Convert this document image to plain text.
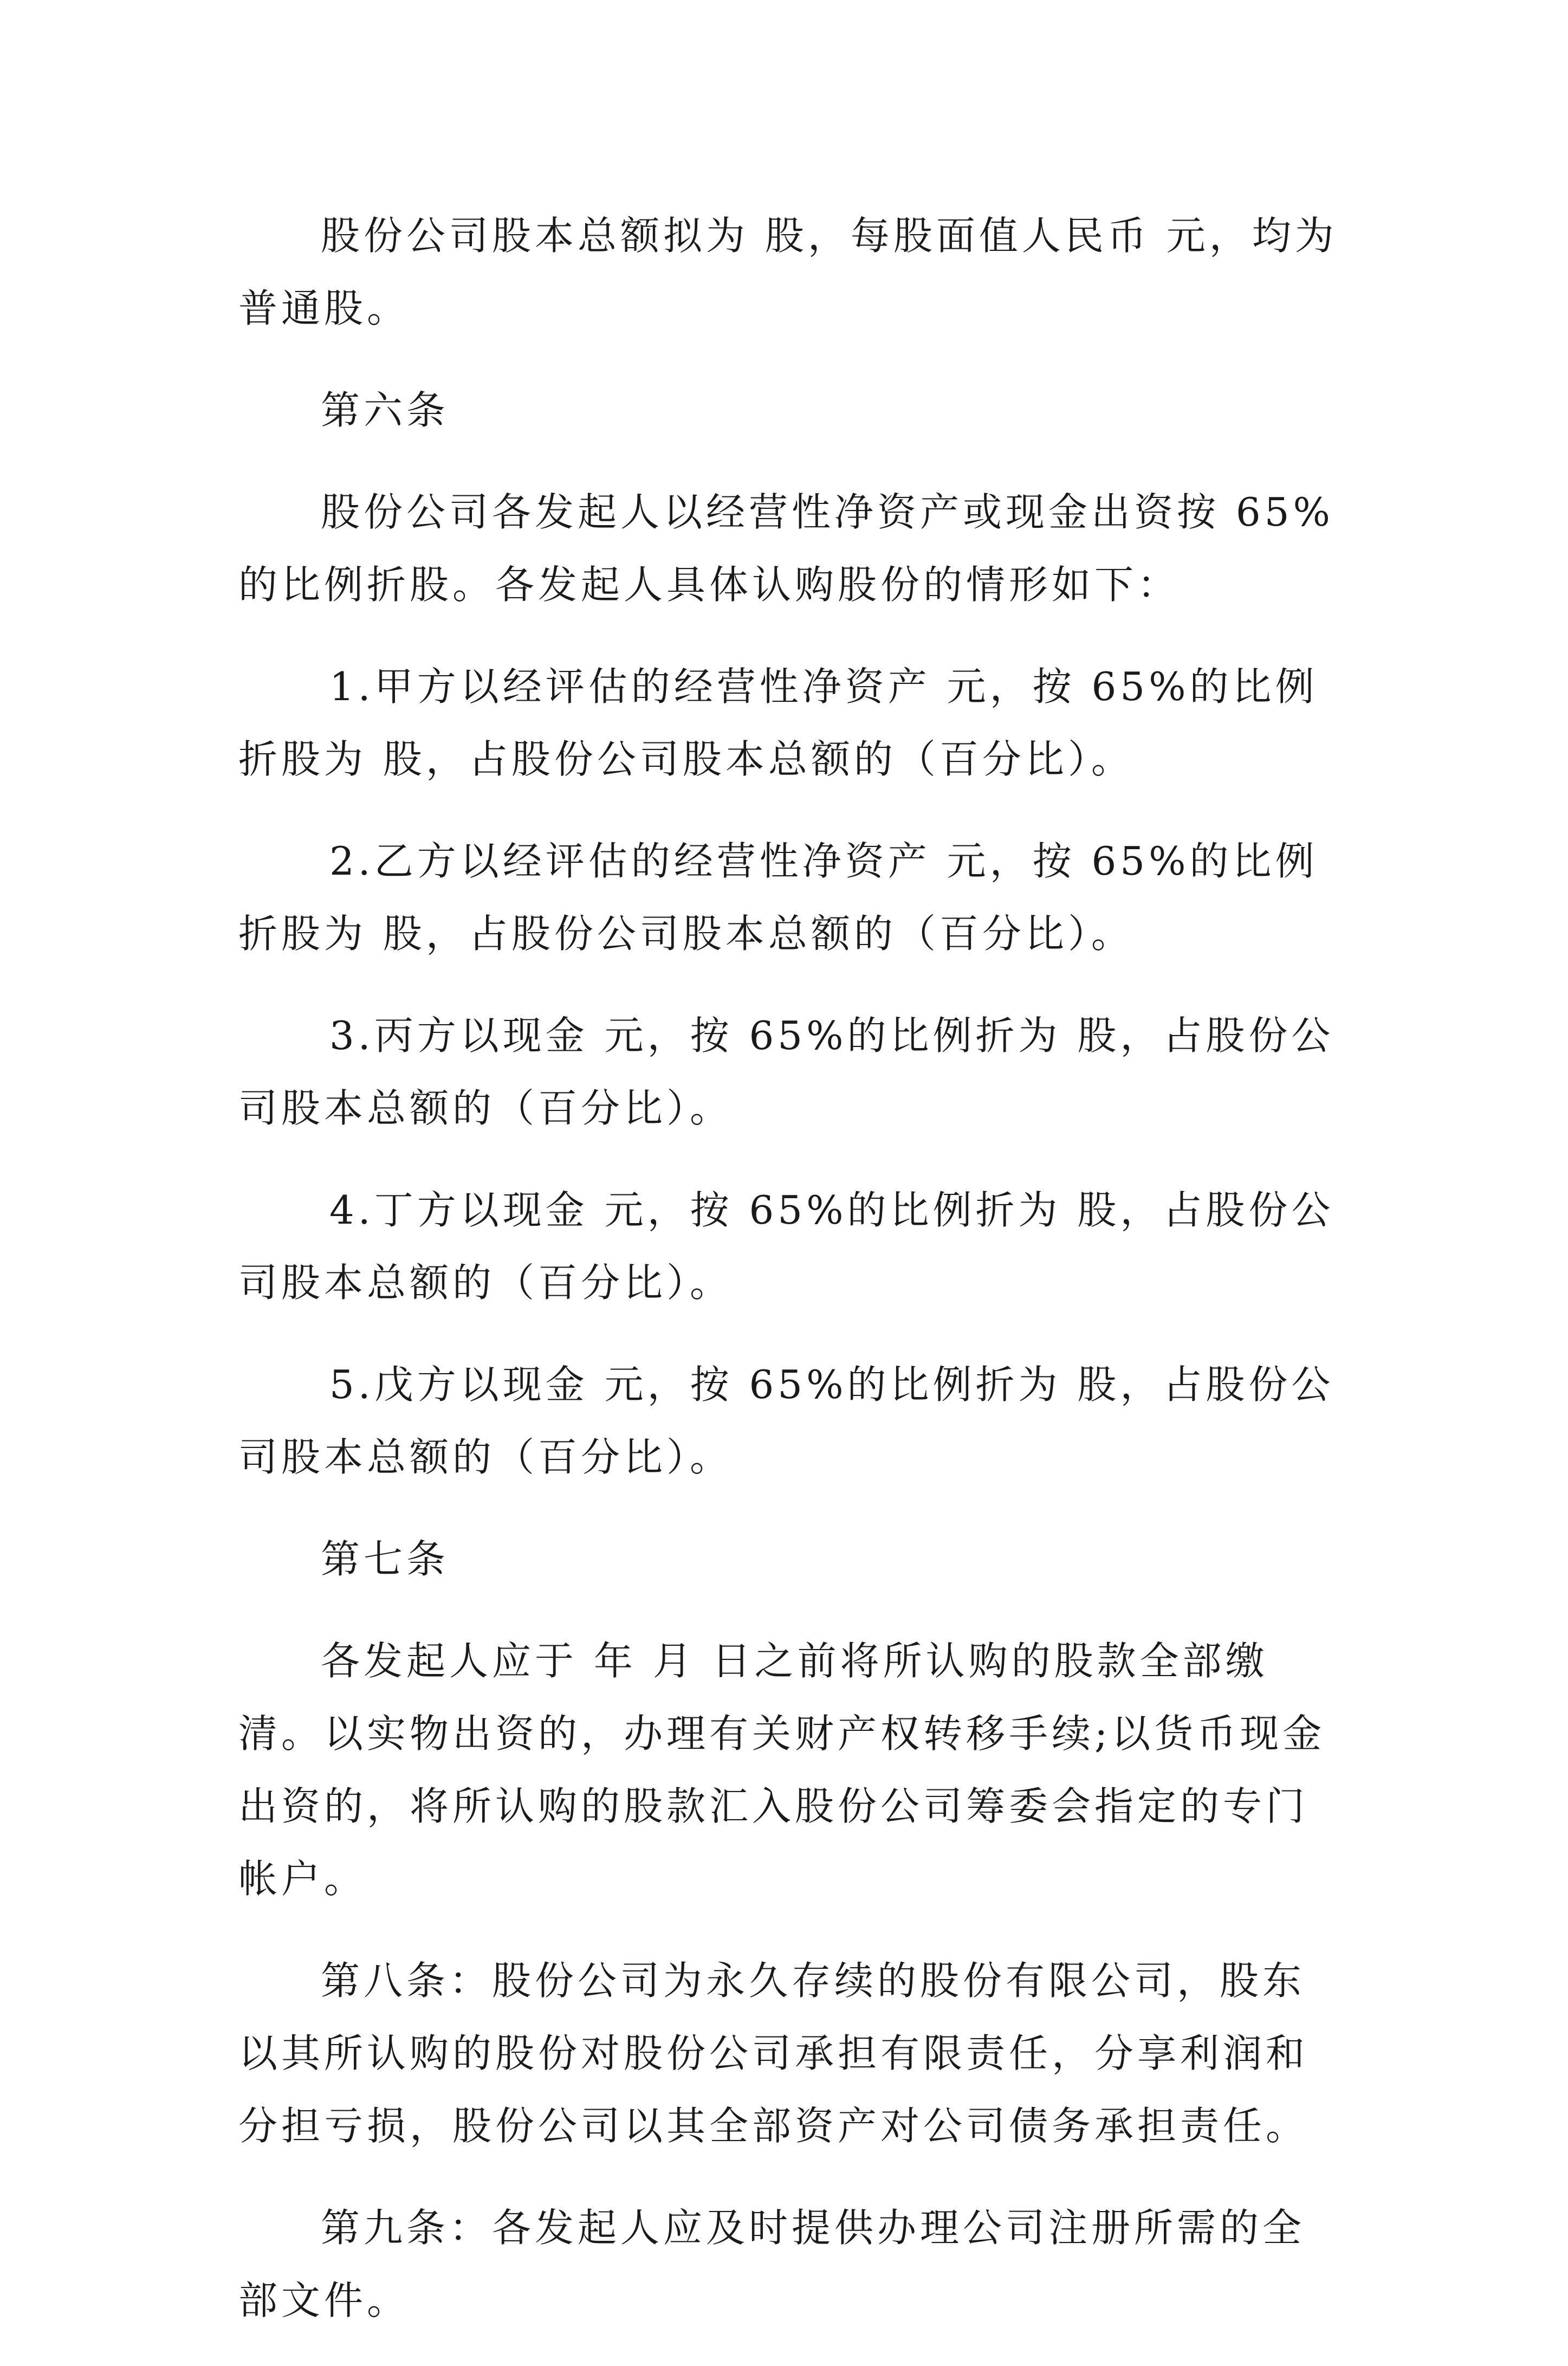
股份公司股本总额拟为 股，每股面值人民币 元，均为普通股。

第六条

股份公司各发起人以经营性净资产或现金出资按 65%的比例折股。各发起人具体认购股份的情形如下：

1.甲方以经评估的经营性净资产 元，按 65%的比例折股为 股，占股份公司股本总额的（百分比）。

2.乙方以经评估的经营性净资产 元，按 65%的比例折股为 股，占股份公司股本总额的（百分比）。

3.丙方以现金 元，按 65%的比例折为 股，占股份公司股本总额的（百分比）。

4.丁方以现金 元，按 65%的比例折为 股，占股份公司股本总额的（百分比）。

5.戊方以现金 元，按 65%的比例折为 股，占股份公司股本总额的（百分比）。

第七条

各发起人应于 年 月 日之前将所认购的股款全部缴清。以实物出资的，办理有关财产权转移手续;以货币现金出资的，将所认购的股款汇入股份公司筹委会指定的专门帐户。

第八条：股份公司为永久存续的股份有限公司，股东以其所认购的股份对股份公司承担有限责任，分享利润和分担亏损，股份公司以其全部资产对公司债务承担责任。

第九条：各发起人应及时提供办理公司注册所需的全部文件。
